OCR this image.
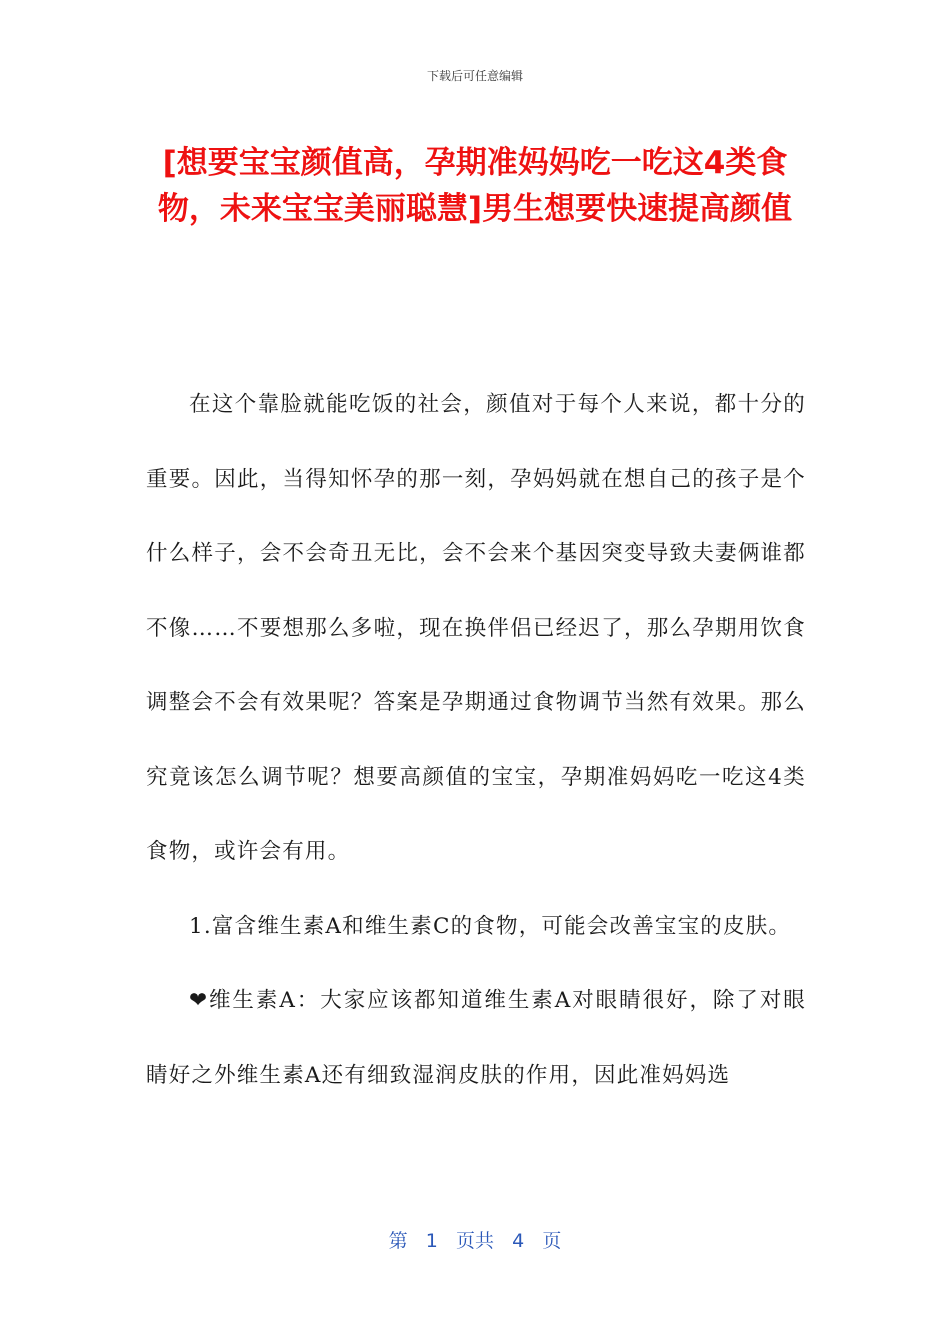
下载后可任意编辑
[想要宝宝颜值高，孕期准妈妈吃一吃这4类食物，未来宝宝美丽聪慧]男生想要快速提高颜值

在这个靠脸就能吃饭的社会，颜值对于每个人来说，都十分的重要。因此，当得知怀孕的那一刻，孕妈妈就在想自己的孩子是个什么样子，会不会奇丑无比，会不会来个基因突变导致夫妻俩谁都不像……不要想那么多啦，现在换伴侣已经迟了，那么孕期用饮食调整会不会有效果呢？答案是孕期通过食物调节当然有效果。那么究竟该怎么调节呢？想要高颜值的宝宝，孕期准妈妈吃一吃这4类食物，或许会有用。

1.富含维生素A和维生素C的食物，可能会改善宝宝的皮肤。

❤维生素A：大家应该都知道维生素A对眼睛很好，除了对眼睛好之外维生素A还有细致湿润皮肤的作用，因此准妈妈选

第 1 页共 4 页
